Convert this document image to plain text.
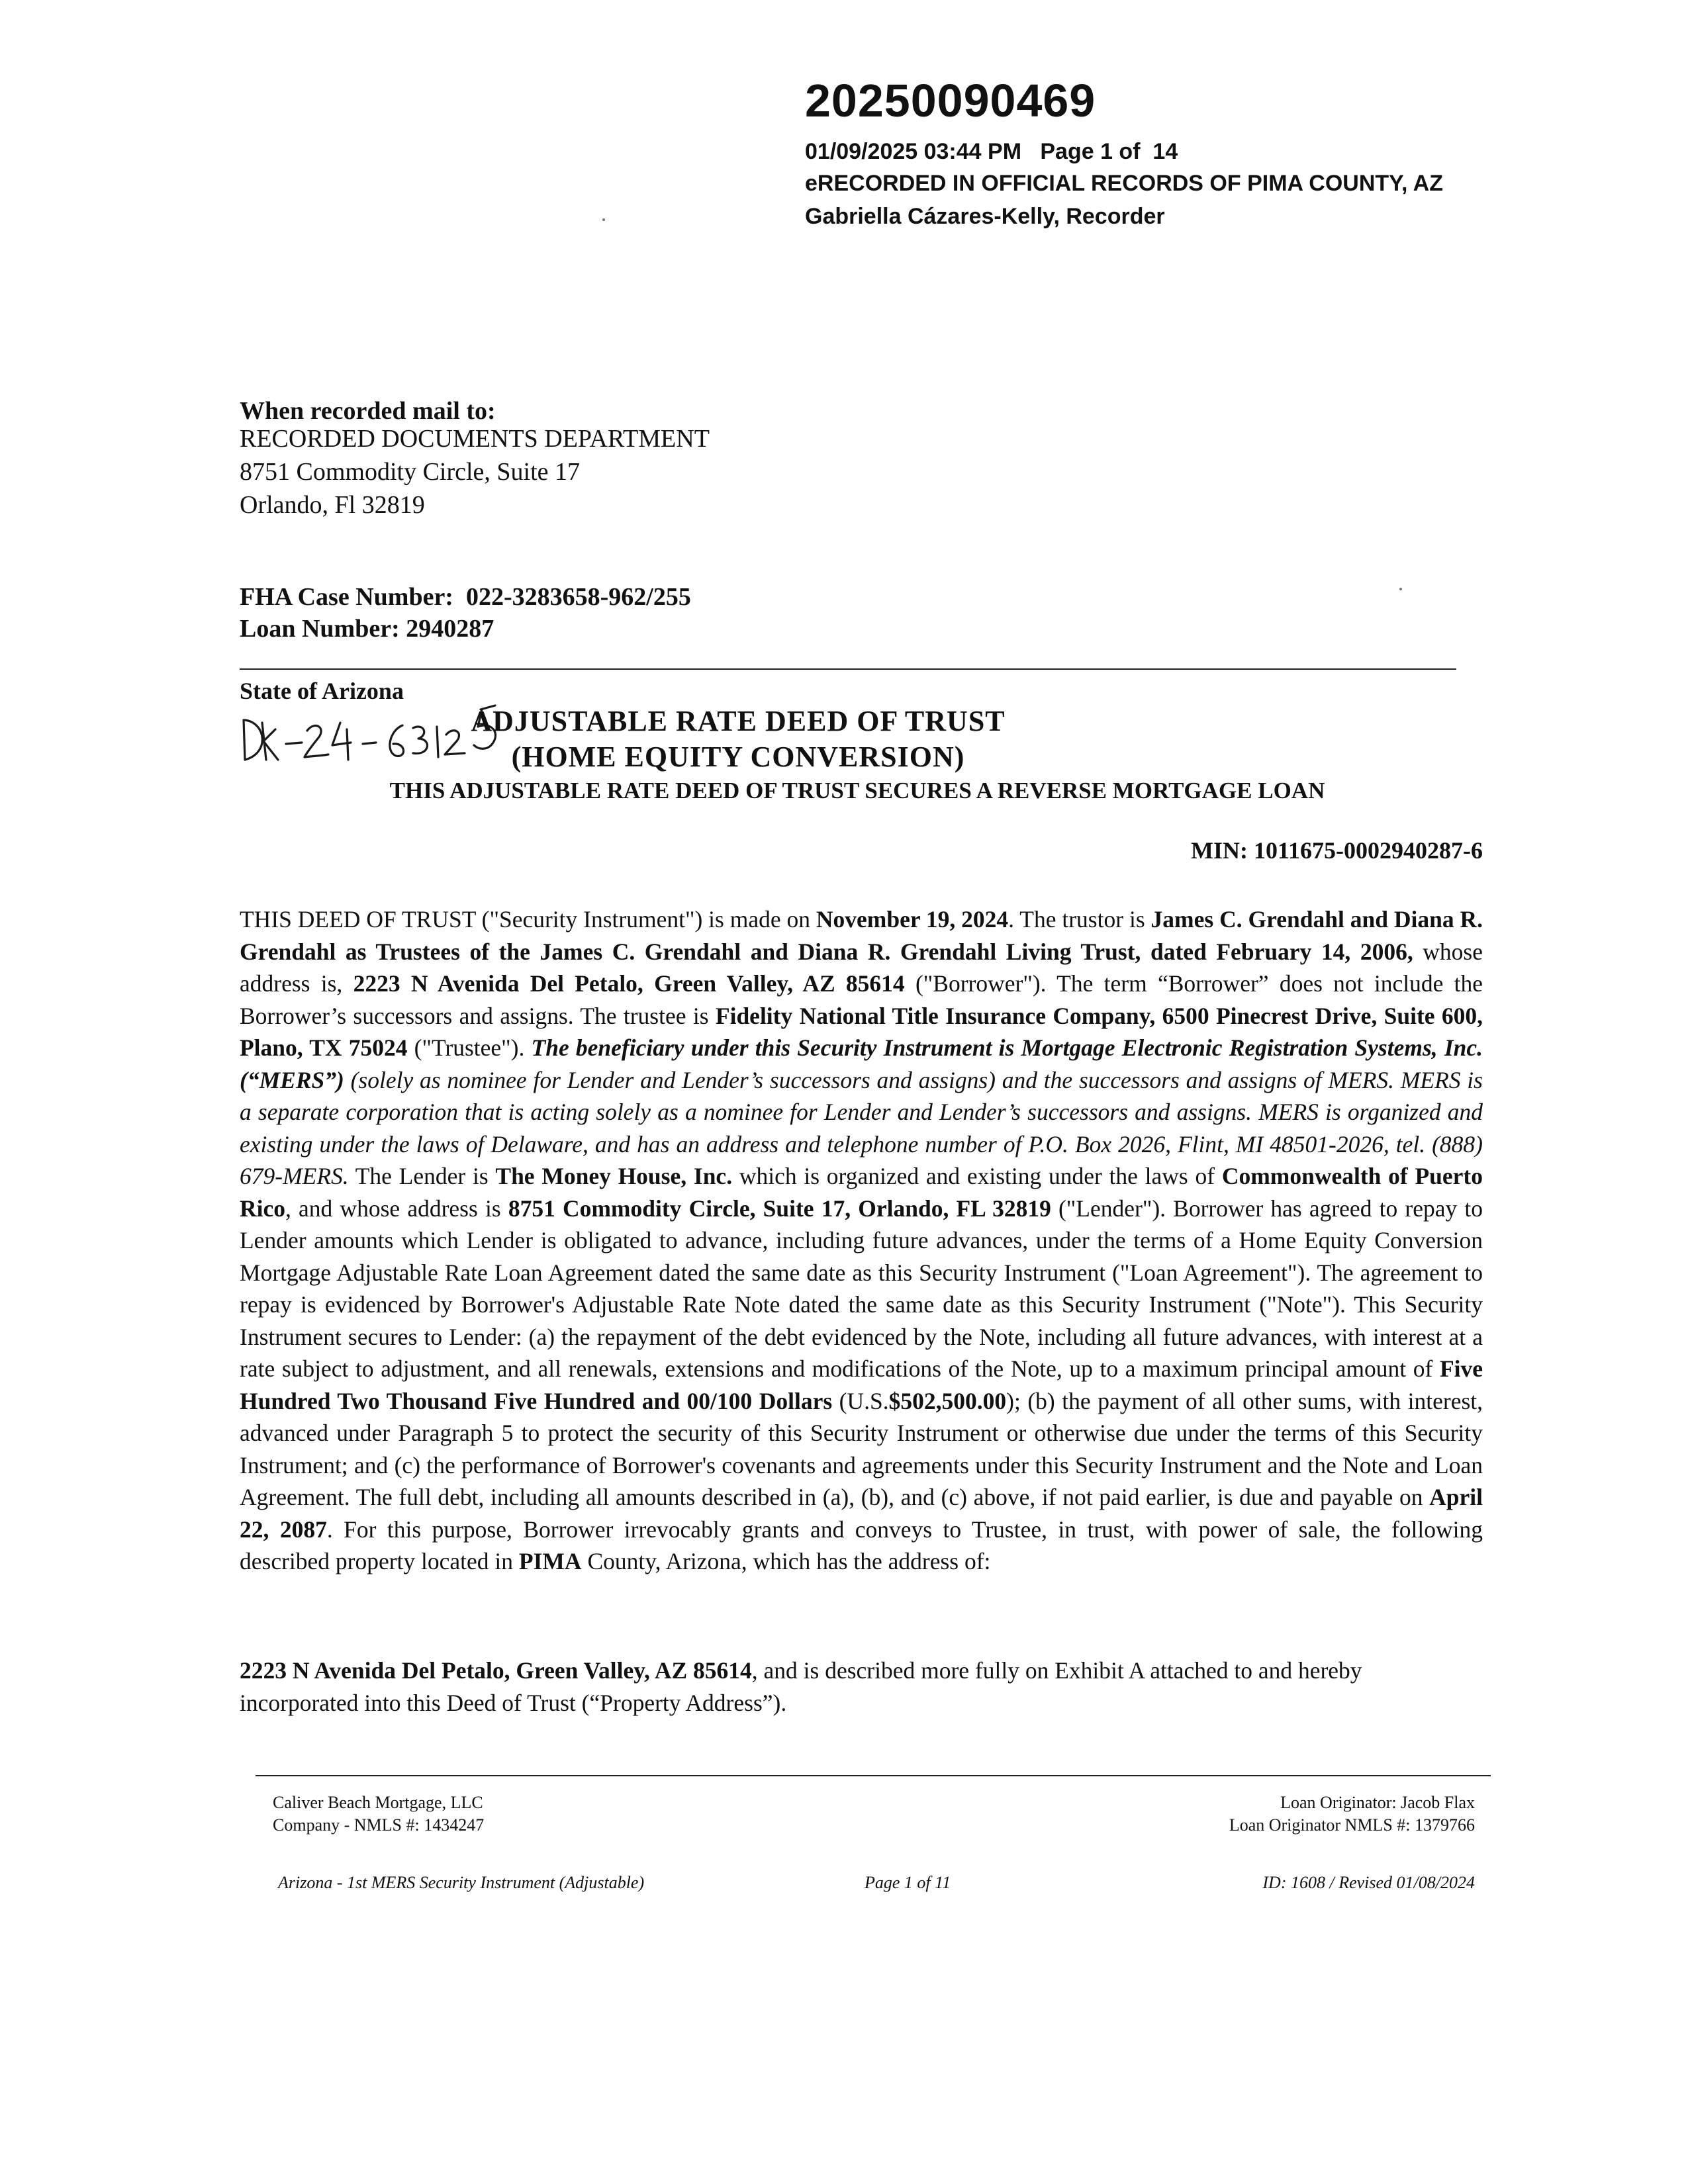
20250090469
01/09/2025 03:44 PM   Page 1 of  14
eRECORDED IN OFFICIAL RECORDS OF PIMA COUNTY, AZ
Gabriella Cázares-Kelly, Recorder
When recorded mail to:
RECORDED DOCUMENTS DEPARTMENT
8751 Commodity Circle, Suite 17
Orlando, Fl 32819
FHA Case Number:  022-3283658-962/255
Loan Number: 2940287
State of Arizona
ADJUSTABLE RATE DEED OF TRUST
(HOME EQUITY CONVERSION)
THIS ADJUSTABLE RATE DEED OF TRUST SECURES A REVERSE MORTGAGE LOAN
MIN: 1011675-0002940287-6
THIS DEED OF TRUST ("Security Instrument") is made on November 19, 2024. The trustor is James C. Grendahl and Diana R. Grendahl as Trustees of the James C. Grendahl and Diana R. Grendahl Living Trust, dated February 14, 2006, whose address is, 2223 N Avenida Del Petalo, Green Valley, AZ 85614 ("Borrower"). The term “Borrower” does not include the Borrower’s successors and assigns. The trustee is Fidelity National Title Insurance Company, 6500 Pinecrest Drive, Suite 600, Plano, TX 75024 ("Trustee"). The beneficiary under this Security Instrument is Mortgage Electronic Registration Systems, Inc. (“MERS”) (solely as nominee for Lender and Lender’s successors and assigns) and the successors and assigns of MERS. MERS is a separate corporation that is acting solely as a nominee for Lender and Lender’s successors and assigns. MERS is organized and existing under the laws of Delaware, and has an address and telephone number of P.O. Box 2026, Flint, MI 48501-2026, tel. (888) 679-MERS. The Lender is The Money House, Inc. which is organized and existing under the laws of Commonwealth of Puerto Rico, and whose address is 8751 Commodity Circle, Suite 17, Orlando, FL 32819 ("Lender"). Borrower has agreed to repay to Lender amounts which Lender is obligated to advance, including future advances, under the terms of a Home Equity Conversion Mortgage Adjustable Rate Loan Agreement dated the same date as this Security Instrument ("Loan Agreement"). The agreement to repay is evidenced by Borrower's Adjustable Rate Note dated the same date as this Security Instrument ("Note"). This Security Instrument secures to Lender: (a) the repayment of the debt evidenced by the Note, including all future advances, with interest at a rate subject to adjustment, and all renewals, extensions and modifications of the Note, up to a maximum principal amount of Five Hundred Two Thousand Five Hundred and 00/100 Dollars (U.S.$502,500.00); (b) the payment of all other sums, with interest, advanced under Paragraph 5 to protect the security of this Security Instrument or otherwise due under the terms of this Security Instrument; and (c) the performance of Borrower's covenants and agreements under this Security Instrument and the Note and Loan Agreement. The full debt, including all amounts described in (a), (b), and (c) above, if not paid earlier, is due and payable on April 22, 2087. For this purpose, Borrower irrevocably grants and conveys to Trustee, in trust, with power of sale, the following described property located in PIMA County, Arizona, which has the address of:
2223 N Avenida Del Petalo, Green Valley, AZ 85614, and is described more fully on Exhibit A attached to and hereby incorporated into this Deed of Trust (“Property Address”).
Caliver Beach Mortgage, LLC
Company - NMLS #: 1434247
Loan Originator: Jacob Flax
Loan Originator NMLS #: 1379766
Arizona - 1st MERS Security Instrument (Adjustable)	Page 1 of 11	ID: 1608 / Revised 01/08/2024
